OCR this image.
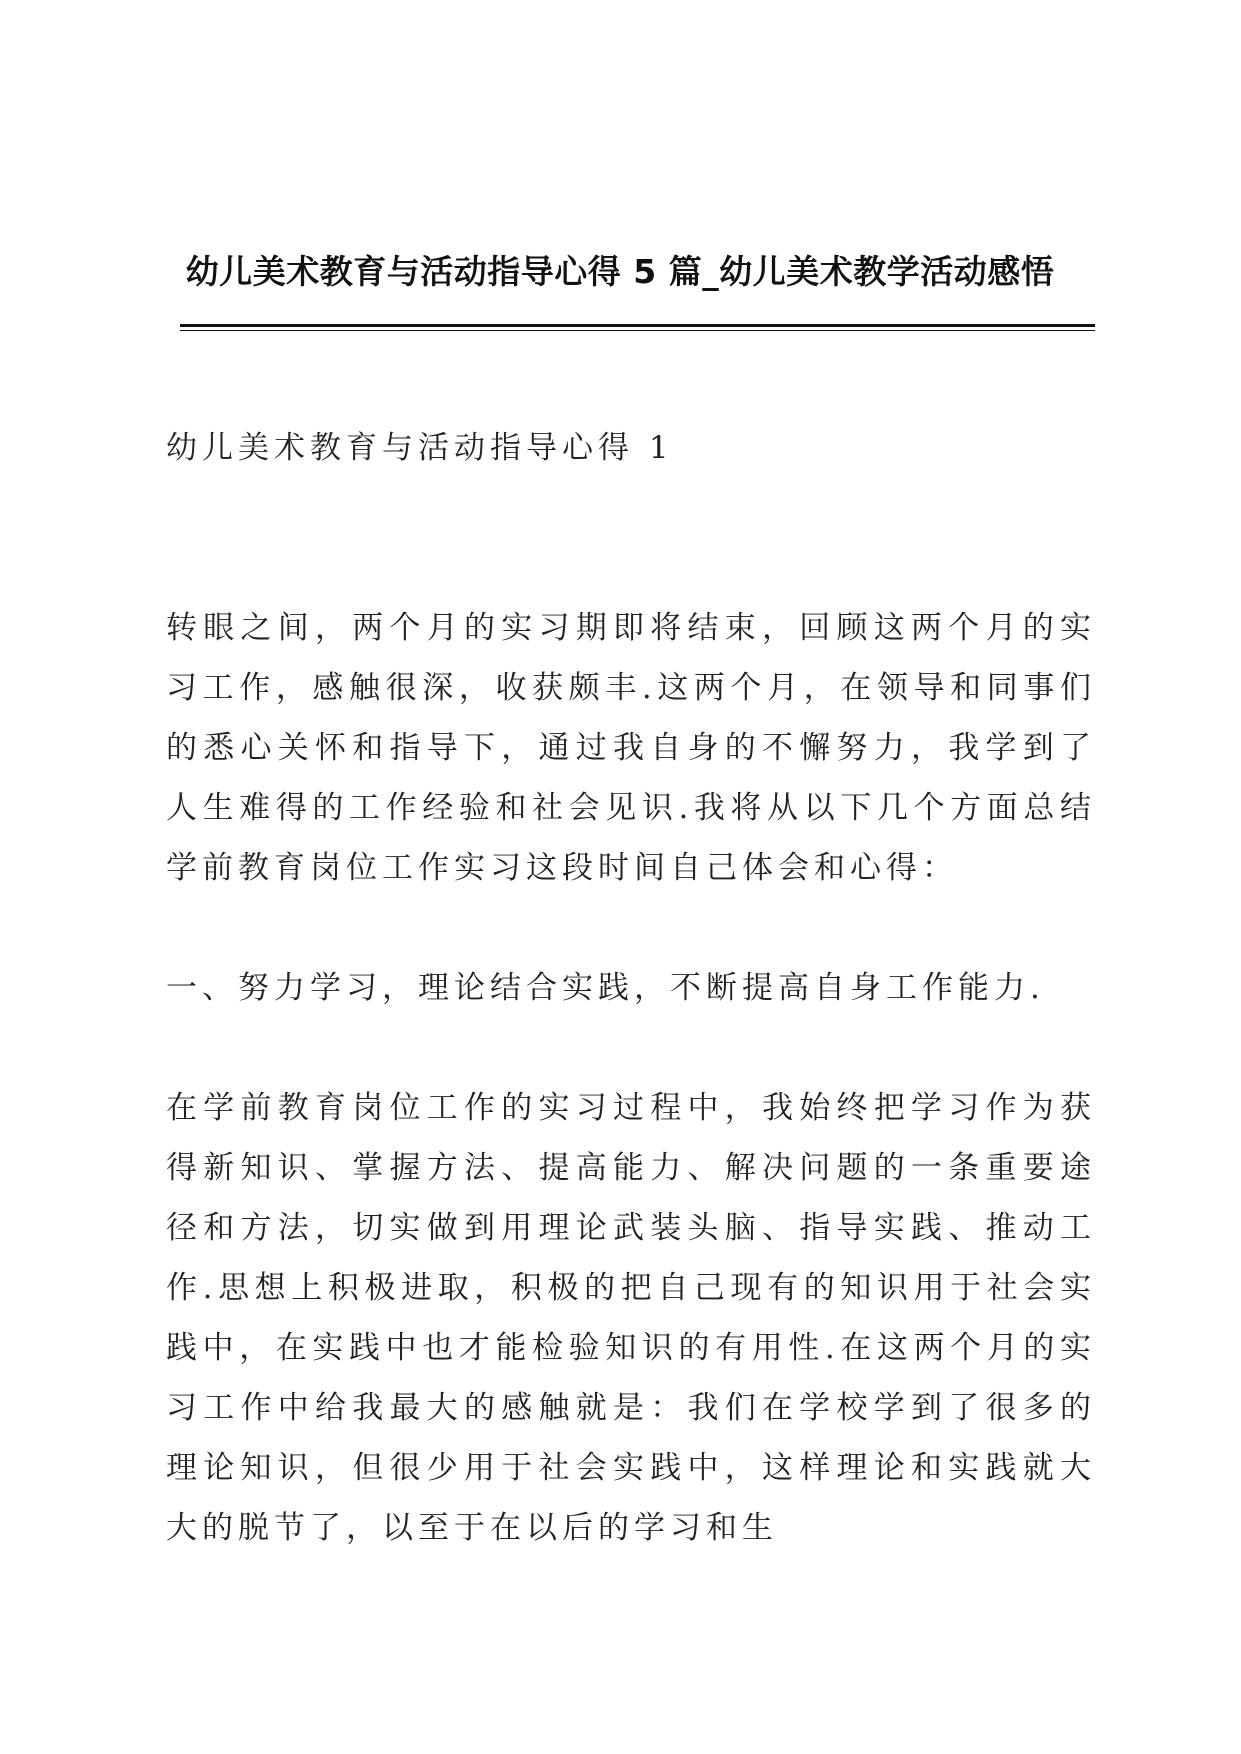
幼儿美术教育与活动指导心得 5 篇_幼儿美术教学活动感悟

幼儿美术教育与活动指导心得 1

转眼之间，两个月的实习期即将结束，回顾这两个月的实习工作，感触很深，收获颇丰.这两个月，在领导和同事们的悉心关怀和指导下，通过我自身的不懈努力，我学到了人生难得的工作经验和社会见识.我将从以下几个方面总结学前教育岗位工作实习这段时间自己体会和心得：

一、努力学习，理论结合实践，不断提高自身工作能力.

在学前教育岗位工作的实习过程中，我始终把学习作为获得新知识、掌握方法、提高能力、解决问题的一条重要途径和方法，切实做到用理论武装头脑、指导实践、推动工作.思想上积极进取，积极的把自己现有的知识用于社会实践中，在实践中也才能检验知识的有用性.在这两个月的实习工作中给我最大的感触就是：我们在学校学到了很多的理论知识，但很少用于社会实践中，这样理论和实践就大大的脱节了，以至于在以后的学习和生
